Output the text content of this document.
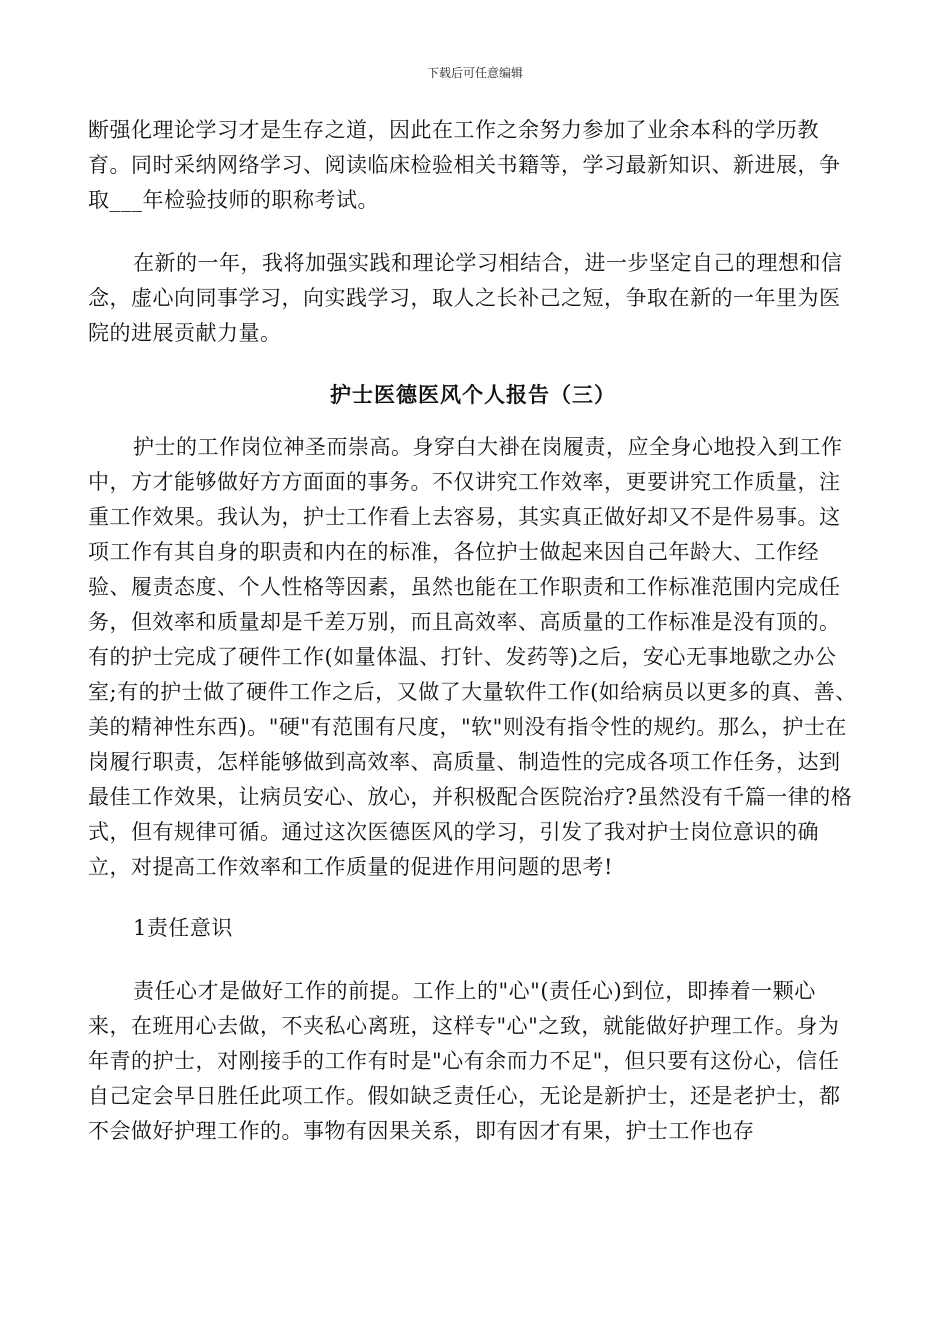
下载后可任意编辑

断强化理论学习才是生存之道，因此在工作之余努力参加了业余本科的学历教育。同时采纳网络学习、阅读临床检验相关书籍等，学习最新知识、新进展，争取___年检验技师的职称考试。

在新的一年，我将加强实践和理论学习相结合，进一步坚定自己的理想和信念，虚心向同事学习，向实践学习，取人之长补己之短，争取在新的一年里为医院的进展贡献力量。

护士医德医风个人报告（三）

护士的工作岗位神圣而崇高。身穿白大褂在岗履责，应全身心地投入到工作中，方才能够做好方方面面的事务。不仅讲究工作效率，更要讲究工作质量，注重工作效果。我认为，护士工作看上去容易，其实真正做好却又不是件易事。这项工作有其自身的职责和内在的标准，各位护士做起来因自己年龄大、工作经验、履责态度、个人性格等因素，虽然也能在工作职责和工作标准范围内完成任务，但效率和质量却是千差万别，而且高效率、高质量的工作标准是没有顶的。有的护士完成了硬件工作(如量体温、打针、发药等)之后，安心无事地歇之办公室;有的护士做了硬件工作之后，又做了大量软件工作(如给病员以更多的真、善、美的精神性东西)。"硬"有范围有尺度，"软"则没有指令性的规约。那么，护士在岗履行职责，怎样能够做到高效率、高质量、制造性的完成各项工作任务，达到最佳工作效果，让病员安心、放心，并积极配合医院治疗?虽然没有千篇一律的格式，但有规律可循。通过这次医德医风的学习，引发了我对护士岗位意识的确立，对提高工作效率和工作质量的促进作用问题的思考!

1责任意识

责任心才是做好工作的前提。工作上的"心"(责任心)到位，即捧着一颗心来，在班用心去做，不夹私心离班，这样专"心"之致，就能做好护理工作。身为年青的护士，对刚接手的工作有时是"心有余而力不足"，但只要有这份心，信任自己定会早日胜任此项工作。假如缺乏责任心，无论是新护士，还是老护士，都不会做好护理工作的。事物有因果关系，即有因才有果，护士工作也存
